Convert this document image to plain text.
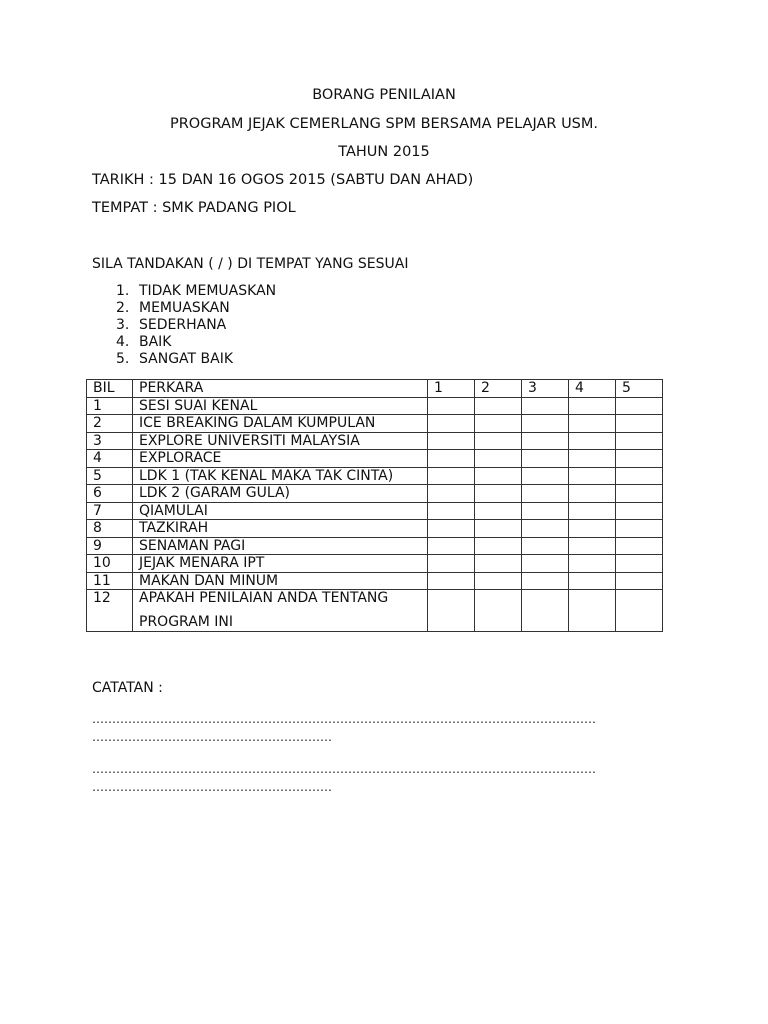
BORANG PENILAIAN
PROGRAM JEJAK CEMERLANG SPM BERSAMA PELAJAR USM.
TAHUN 2015
TARIKH : 15 DAN 16 OGOS 2015 (SABTU DAN AHAD)
TEMPAT : SMK PADANG PIOL
SILA TANDAKAN ( / ) DI TEMPAT YANG SESUAI
1. TIDAK MEMUASKAN
2. MEMUASKAN
3. SEDERHANA
4. BAIK
5. SANGAT BAIK
BIL	PERKARA	1	2	3	4	5
1	SESI SUAI KENAL					
2	ICE BREAKING DALAM KUMPULAN					
3	EXPLORE UNIVERSITI MALAYSIA					
4	EXPLORACE					
5	LDK 1 (TAK KENAL MAKA TAK CINTA)					
6	LDK 2 (GARAM GULA)					
7	QIAMULAI					
8	TAZKIRAH					
9	SENAMAN PAGI					
10	JEJAK MENARA IPT					
11	MAKAN DAN MINUM					
12	APAKAH PENILAIAN ANDA TENTANG
PROGRAM INI					

CATATAN :
………………………………………………………………………………………………………………
……………………………………………………
………………………………………………………………………………………………………………
……………………………………………………
